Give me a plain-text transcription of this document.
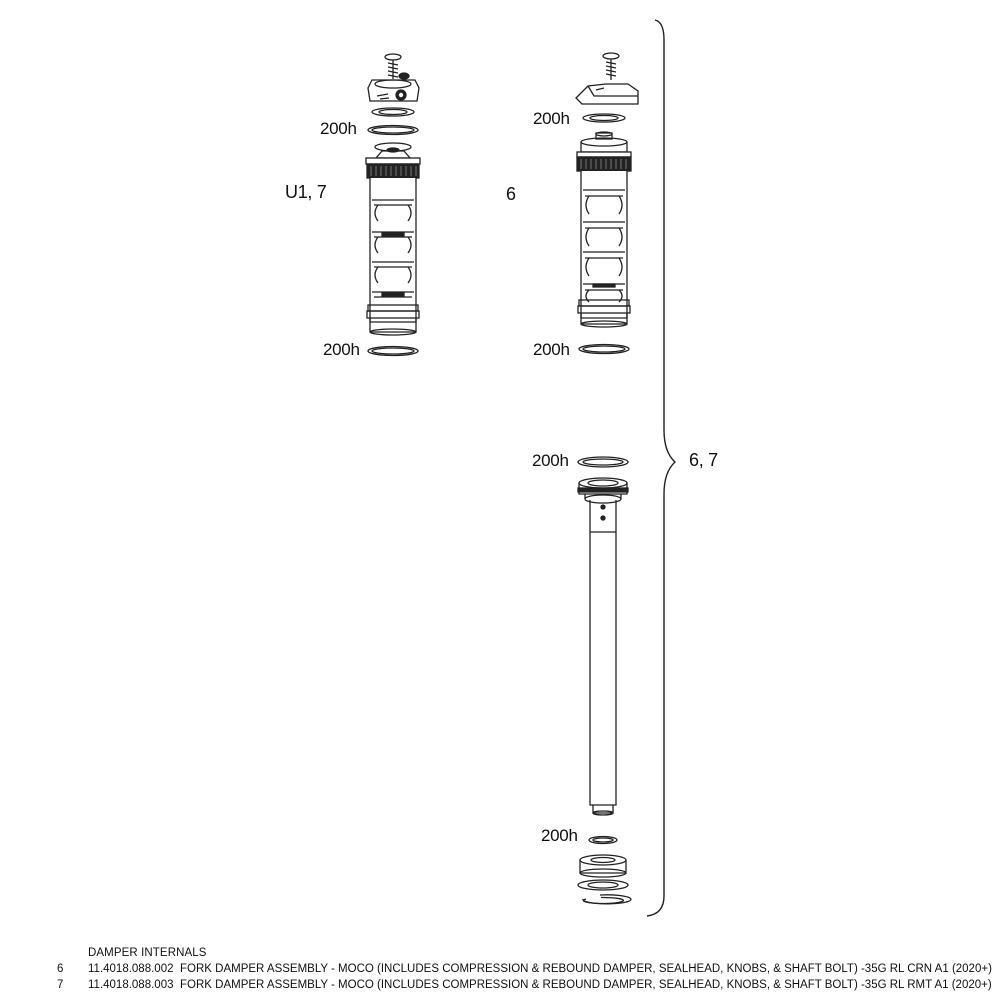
200h
U1, 7
200h
200h
6
200h
200h
200h
6, 7
DAMPER INTERNALS
6 11.4018.088.002 FORK DAMPER ASSEMBLY - MOCO (INCLUDES COMPRESSION & REBOUND DAMPER, SEALHEAD, KNOBS, & SHAFT BOLT) -35G RL CRN A1 (2020+)
7 11.4018.088.003 FORK DAMPER ASSEMBLY - MOCO (INCLUDES COMPRESSION & REBOUND DAMPER, SEALHEAD, KNOBS, & SHAFT BOLT) -35G RL RMT A1 (2020+)
